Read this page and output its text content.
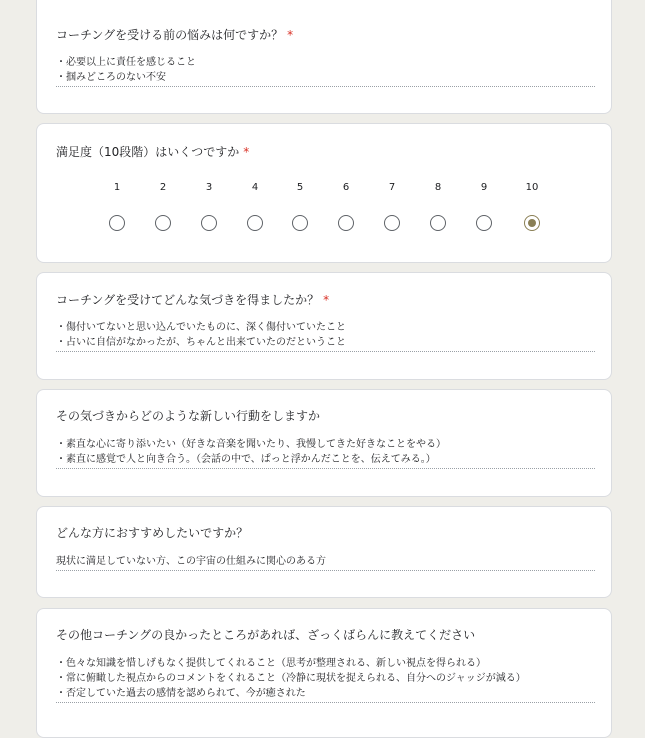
コーチングを受ける前の悩みは何ですか？ *
・必要以上に責任を感じること
・掴みどころのない不安
満足度（10段階）はいくつですか *
1	2	3	4	5	6	7	8	9	10
コーチングを受けてどんな気づきを得ましたか？ *
・傷付いてないと思い込んでいたものに、深く傷付いていたこと
・占いに自信がなかったが、ちゃんと出来ていたのだということ
その気づきからどのような新しい行動をしますか
・素直な心に寄り添いたい（好きな音楽を聞いたり、我慢してきた好きなことをやる）
・素直に感覚で人と向き合う。（会話の中で、ぱっと浮かんだことを、伝えてみる。）
どんな方におすすめしたいですか？
現状に満足していない方、この宇宙の仕組みに関心のある方
その他コーチングの良かったところがあれば、ざっくばらんに教えてください
・色々な知識を惜しげもなく提供してくれること（思考が整理される、新しい視点を得られる）
・常に俯瞰した視点からのコメントをくれること（冷静に現状を捉えられる、自分へのジャッジが減る）
・否定していた過去の感情を認められて、今が癒された
